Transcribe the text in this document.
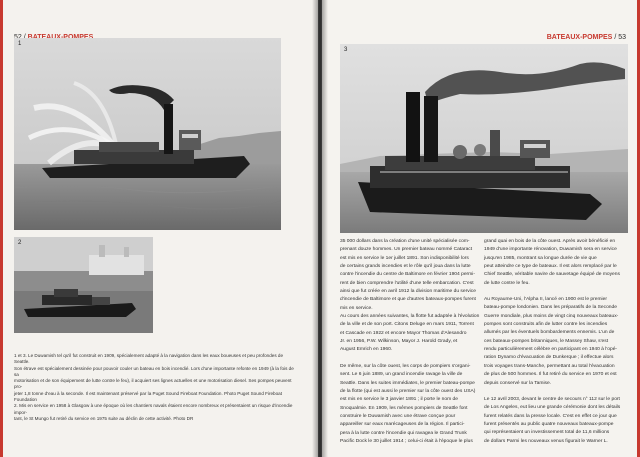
1
2
1 et 3. Le Duwamish tel qu'il fut construit en 1909, spécialement adapté à la navigation dans les eaux boueuses et peu profondes de Seattle.
Son étrave est spécialement dessinée pour pouvoir couler un bateau en bois incendié. Lors d'une importante refonte en 1949 (à la fois de sa
motorisation et de son équipement de lutte contre le feu), il acquiert ses lignes actuelles et une motorisation diesel. Ses pompes peuvent pro-
jeter 1,8 tonne d'eau à la seconde. Il est maintenant préservé par la Puget Sound Fireboat Foundation. Photo Puget Sound Fireboat Foundation
2. Mis en service en 1958 à Glasgow à une époque où les chantiers navals étaient encore nombreux et présentaient un risque d'incendie impor-
tant, le St Mungo fut retiré du service en 1975 suite au déclin de cette activité. Photo DR
BATEAUX-POMPES / 53
3
35 000 dollars dans la création d'une unité spécialisée com-
prenant douze hommes. Un premier bateau nommé Cataract
est mis en service le 1er juillet 1891. Son indisponibilité lors
de certains grands incendies et le rôle qu'il joua dans la lutte
contre l'incendie du centre de Baltimore en février 1904 permi-
rent de bien comprendre l'utilité d'une telle embarcation. C'est
ainsi que fut créée en avril 1912 la division maritime du service
d'incendie de Baltimore et que d'autres bateaux-pompes furent
mis en service.
Au cours des années suivantes, la flotte fut adaptée à l'évolution
de la ville et de son port. Citons Deluge en mars 1911, Torrent
et Cascade en 1922 et encore Mayor Thomas d'Alesandro
Jr. en 1956, P.W. Wilkinson, Mayor J. Harold Grady, et
August Emrich en 1960.
De même, sur la côte ouest, les corps de pompiers s'organi-
sent. Le 6 juin 1889, un grand incendie ravage la ville de
Seattle. Dans les suites immédiates, le premier bateau-pompe
de la flotte (qui est aussi le premier sur la côte ouest des USA)
est mis en service le 3 janvier 1891 ; il porte le nom de
Snoqualmie. En 1909, les mêmes pompiers de Seattle font
construire le Duwamish avec une étrave conçue pour
appareiller sur eaux marécageuses de la région. Il partici-
pera à la lutte contre l'incendie qui ravagea le Grand Trunk
Pacific Dock le 30 juillet 1914 ; celui-ci était à l'époque le plus
grand quai en bois de la côte ouest. Après avoir bénéficié en
1949 d'une importante rénovation, Duwamish sera en service
jusqu'en 1985, montrant sa longue durée de vie que
peut atteindre ce type de bateaux. Il est alors remplacé par le
Chief Seattle, véritable navire de sauvetage équipé de moyens
de lutte contre le feu.
Au Royaume-Uni, l'Alpha II, lancé en 1900 est le premier
bateau-pompe londonien. Dans les préparatifs de la Seconde
Guerre mondiale, plus moins de vingt cinq nouveaux bateaux-
pompes sont construits afin de lutter contre les incendies
allumés par les éventuels bombardements ennemis. L'un de
ces bateaux-pompes britanniques, le Massey Shaw, s'est
rendu particulièrement célèbre en participant en 1940 à l'opé-
ration Dynamo d'évacuation de Dunkerque ; il effectue alors
trois voyages trans-Manche, permettant au total l'évacuation
de plus de 500 hommes. Il fut retiré du service en 1970 et est
depuis conservé sur la Tamise.
Le 12 avril 2003, devant le centre de secours n° 112 sur le port
de Los Angeles, eut lieu une grande cérémonie dont les détails
furent relatés dans la presse locale. C'est en effet ce jour que
furent présentés au public quatre nouveaux bateaux-pompe
qui représentaient un investissement total de 11,6 millions
de dollars Parmi les nouveaux venus figurait le Warner L.
